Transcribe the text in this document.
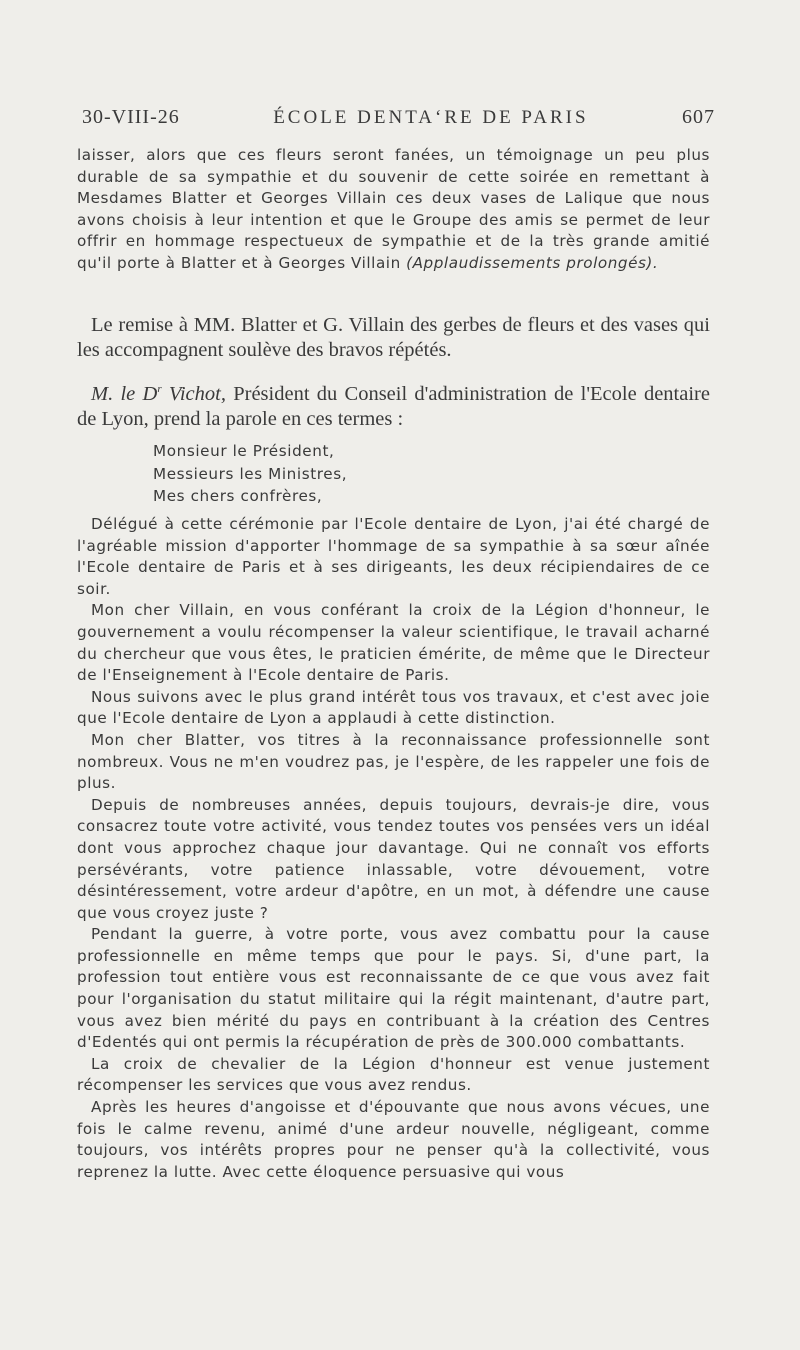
30-VIII-26	ÉCOLE DENTAʻRE DE PARIS	607

laisser, alors que ces fleurs seront fanées, un témoignage un peu plus durable de sa sympathie et du souvenir de cette soirée en remettant à Mesdames Blatter et Georges Villain ces deux vases de Lalique que nous avons choisis à leur intention et que le Groupe des amis se permet de leur offrir en hommage respectueux de sympathie et de la très grande amitié qu'il porte à Blatter et à Georges Villain (Applaudissements prolongés).

Le remise à MM. Blatter et G. Villain des gerbes de fleurs et des vases qui les accompagnent soulève des bravos répétés.

M. le $D^r$ Vichot, Président du Conseil d'administration de l'Ecole dentaire de Lyon, prend la parole en ces termes :

Monsieur le Président,
Messieurs les Ministres,
Mes chers confrères,

Délégué à cette cérémonie par l'Ecole dentaire de Lyon, j'ai été chargé de l'agréable mission d'apporter l'hommage de sa sympathie à sa sœur aînée l'Ecole dentaire de Paris et à ses dirigeants, les deux récipiendaires de ce soir.

Mon cher Villain, en vous conférant la croix de la Légion d'honneur, le gouvernement a voulu récompenser la valeur scientifique, le travail acharné du chercheur que vous êtes, le praticien émérite, de même que le Directeur de l'Enseignement à l'Ecole dentaire de Paris.

Nous suivons avec le plus grand intérêt tous vos travaux, et c'est avec joie que l'Ecole dentaire de Lyon a applaudi à cette distinction.

Mon cher Blatter, vos titres à la reconnaissance professionnelle sont nombreux. Vous ne m'en voudrez pas, je l'espère, de les rappeler une fois de plus.

Depuis de nombreuses années, depuis toujours, devrais-je dire, vous consacrez toute votre activité, vous tendez toutes vos pensées vers un idéal dont vous approchez chaque jour davantage. Qui ne connaît vos efforts persévérants, votre patience inlassable, votre dévouement, votre désintéressement, votre ardeur d'apôtre, en un mot, à défendre une cause que vous croyez juste ?

Pendant la guerre, à votre porte, vous avez combattu pour la cause professionnelle en même temps que pour le pays. Si, d'une part, la profession tout entière vous est reconnaissante de ce que vous avez fait pour l'organisation du statut militaire qui la régit maintenant, d'autre part, vous avez bien mérité du pays en contribuant à la création des Centres d'Edentés qui ont permis la récupération de près de 300.000 combattants.

La croix de chevalier de la Légion d'honneur est venue justement récompenser les services que vous avez rendus.

Après les heures d'angoisse et d'épouvante que nous avons vécues, une fois le calme revenu, animé d'une ardeur nouvelle, négligeant, comme toujours, vos intérêts propres pour ne penser qu'à la collectivité, vous reprenez la lutte. Avec cette éloquence persuasive qui vous
